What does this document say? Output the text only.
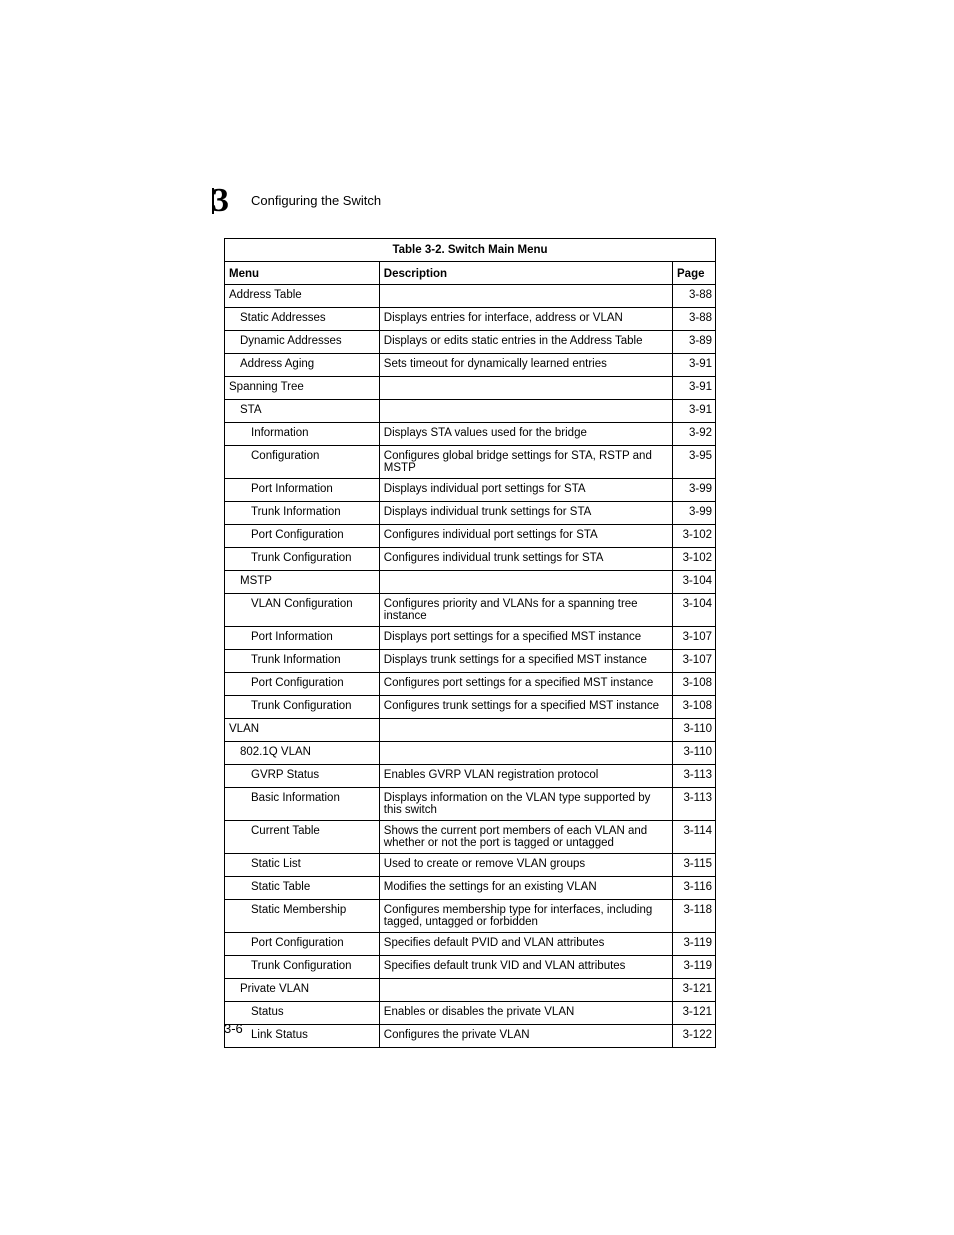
3 Configuring the Switch
Table 3-2. Switch Main Menu		
Menu	Description	Page
Address Table		3-88
Static Addresses	Displays entries for interface, address or VLAN	3-88
Dynamic Addresses	Displays or edits static entries in the Address Table	3-89
Address Aging	Sets timeout for dynamically learned entries	3-91
Spanning Tree		3-91
STA		3-91
Information	Displays STA values used for the bridge	3-92
Configuration	Configures global bridge settings for STA, RSTP and MSTP	3-95
Port Information	Displays individual port settings for STA	3-99
Trunk Information	Displays individual trunk settings for STA	3-99
Port Configuration	Configures individual port settings for STA	3-102
Trunk Configuration	Configures individual trunk settings for STA	3-102
MSTP		3-104
VLAN Configuration	Configures priority and VLANs for a spanning tree instance	3-104
Port Information	Displays port settings for a specified MST instance	3-107
Trunk Information	Displays trunk settings for a specified MST instance	3-107
Port Configuration	Configures port settings for a specified MST instance	3-108
Trunk Configuration	Configures trunk settings for a specified MST instance	3-108
VLAN		3-110
802.1Q VLAN		3-110
GVRP Status	Enables GVRP VLAN registration protocol	3-113
Basic Information	Displays information on the VLAN type supported by this switch	3-113
Current Table	Shows the current port members of each VLAN and whether or not the port is tagged or untagged	3-114
Static List	Used to create or remove VLAN groups	3-115
Static Table	Modifies the settings for an existing VLAN	3-116
Static Membership	Configures membership type for interfaces, including tagged, untagged or forbidden	3-118
Port Configuration	Specifies default PVID and VLAN attributes	3-119
Trunk Configuration	Specifies default trunk VID and VLAN attributes	3-119
Private VLAN		3-121
Status	Enables or disables the private VLAN	3-121
Link Status	Configures the private VLAN	3-122
3-6
